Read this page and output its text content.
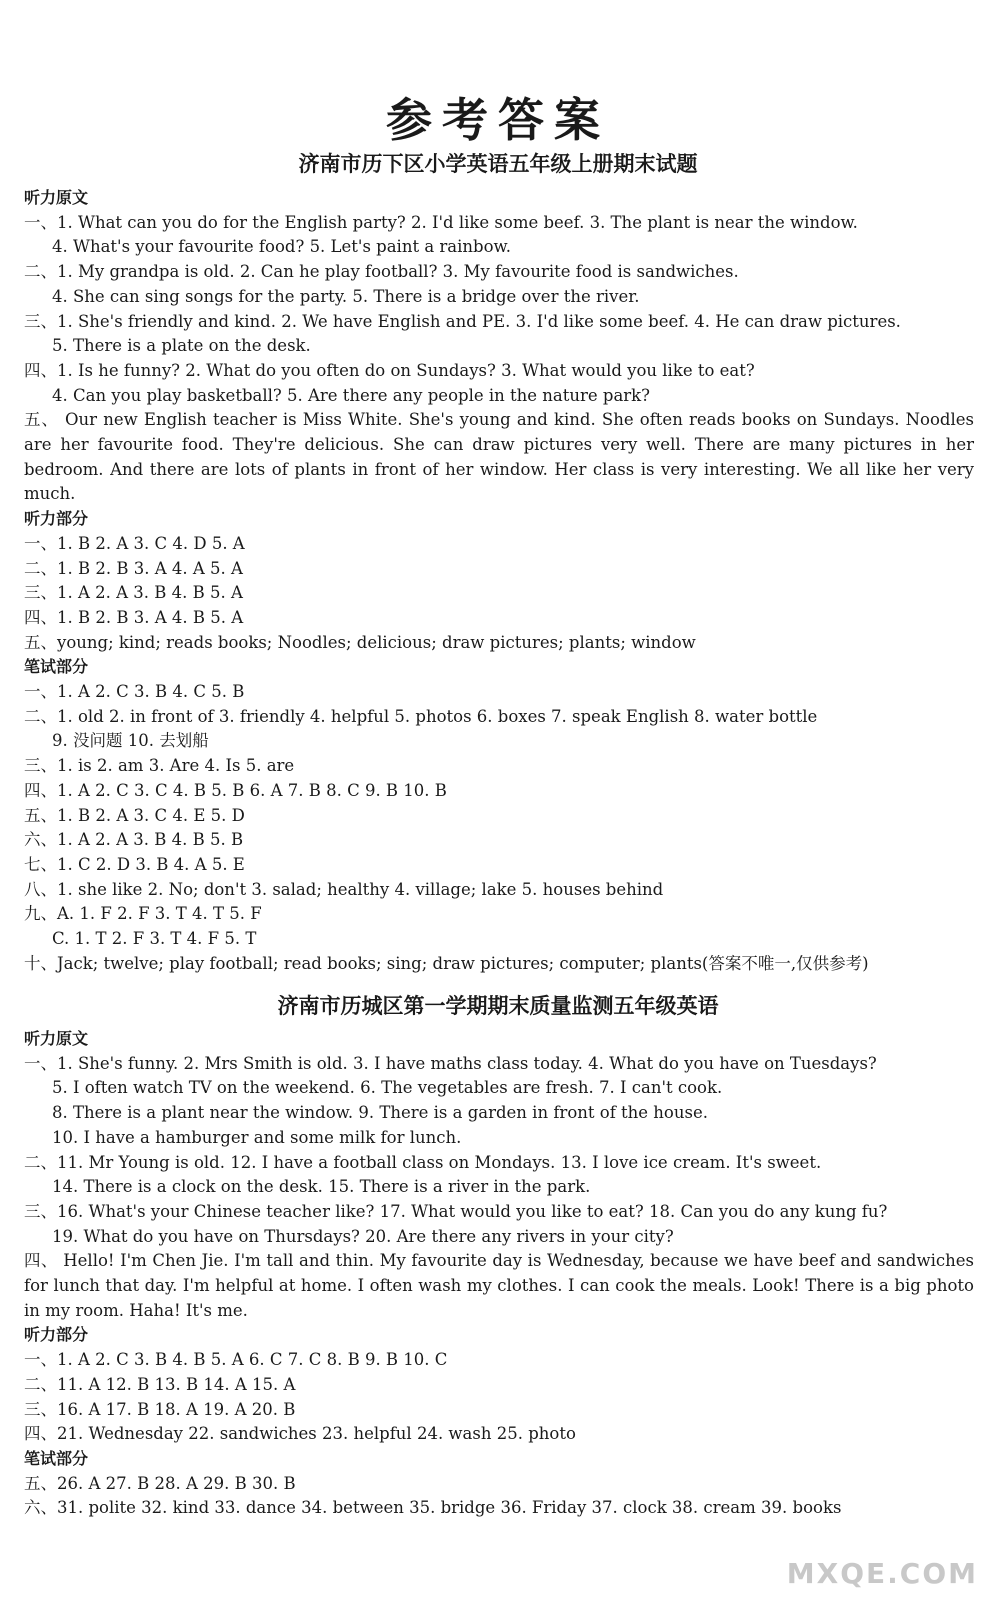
参考答案
济南市历下区小学英语五年级上册期末试题
听力原文
一、1. What can you do for the English party? 2. I'd like some beef. 3. The plant is near the window.
4. What's your favourite food? 5. Let's paint a rainbow.
二、1. My grandpa is old. 2. Can he play football? 3. My favourite food is sandwiches.
4. She can sing songs for the party. 5. There is a bridge over the river.
三、1. She's friendly and kind. 2. We have English and PE. 3. I'd like some beef. 4. He can draw pictures.
5. There is a plate on the desk.
四、1. Is he funny? 2. What do you often do on Sundays? 3. What would you like to eat?
4. Can you play basketball? 5. Are there any people in the nature park?
五、 Our new English teacher is Miss White. She's young and kind. She often reads books on Sundays. Noodles are her favourite food. They're delicious. She can draw pictures very well. There are many pictures in her bedroom. And there are lots of plants in front of her window. Her class is very interesting. We all like her very much.
听力部分
一、1. B 2. A 3. C 4. D 5. A
二、1. B 2. B 3. A 4. A 5. A
三、1. A 2. A 3. B 4. B 5. A
四、1. B 2. B 3. A 4. B 5. A
五、young; kind; reads books; Noodles; delicious; draw pictures; plants; window
笔试部分
一、1. A 2. C 3. B 4. C 5. B
二、1. old 2. in front of 3. friendly 4. helpful 5. photos 6. boxes 7. speak English 8. water bottle
9. 没问题 10. 去划船
三、1. is 2. am 3. Are 4. Is 5. are
四、1. A 2. C 3. C 4. B 5. B 6. A 7. B 8. C 9. B 10. B
五、1. B 2. A 3. C 4. E 5. D
六、1. A 2. A 3. B 4. B 5. B
七、1. C 2. D 3. B 4. A 5. E
八、1. she like 2. No; don't 3. salad; healthy 4. village; lake 5. houses behind
九、A. 1. F 2. F 3. T 4. T 5. F
C. 1. T 2. F 3. T 4. F 5. T
十、Jack; twelve; play football; read books; sing; draw pictures; computer; plants(答案不唯一,仅供参考)
济南市历城区第一学期期末质量监测五年级英语
听力原文
一、1. She's funny. 2. Mrs Smith is old. 3. I have maths class today. 4. What do you have on Tuesdays?
5. I often watch TV on the weekend. 6. The vegetables are fresh. 7. I can't cook.
8. There is a plant near the window. 9. There is a garden in front of the house.
10. I have a hamburger and some milk for lunch.
二、11. Mr Young is old. 12. I have a football class on Mondays. 13. I love ice cream. It's sweet.
14. There is a clock on the desk. 15. There is a river in the park.
三、16. What's your Chinese teacher like? 17. What would you like to eat? 18. Can you do any kung fu?
19. What do you have on Thursdays? 20. Are there any rivers in your city?
四、 Hello! I'm Chen Jie. I'm tall and thin. My favourite day is Wednesday, because we have beef and sandwiches for lunch that day. I'm helpful at home. I often wash my clothes. I can cook the meals. Look! There is a big photo in my room. Haha! It's me.
听力部分
一、1. A 2. C 3. B 4. B 5. A 6. C 7. C 8. B 9. B 10. C
二、11. A 12. B 13. B 14. A 15. A
三、16. A 17. B 18. A 19. A 20. B
四、21. Wednesday 22. sandwiches 23. helpful 24. wash 25. photo
笔试部分
五、26. A 27. B 28. A 29. B 30. B
六、31. polite 32. kind 33. dance 34. between 35. bridge 36. Friday 37. clock 38. cream 39. books
MXQE.COM
